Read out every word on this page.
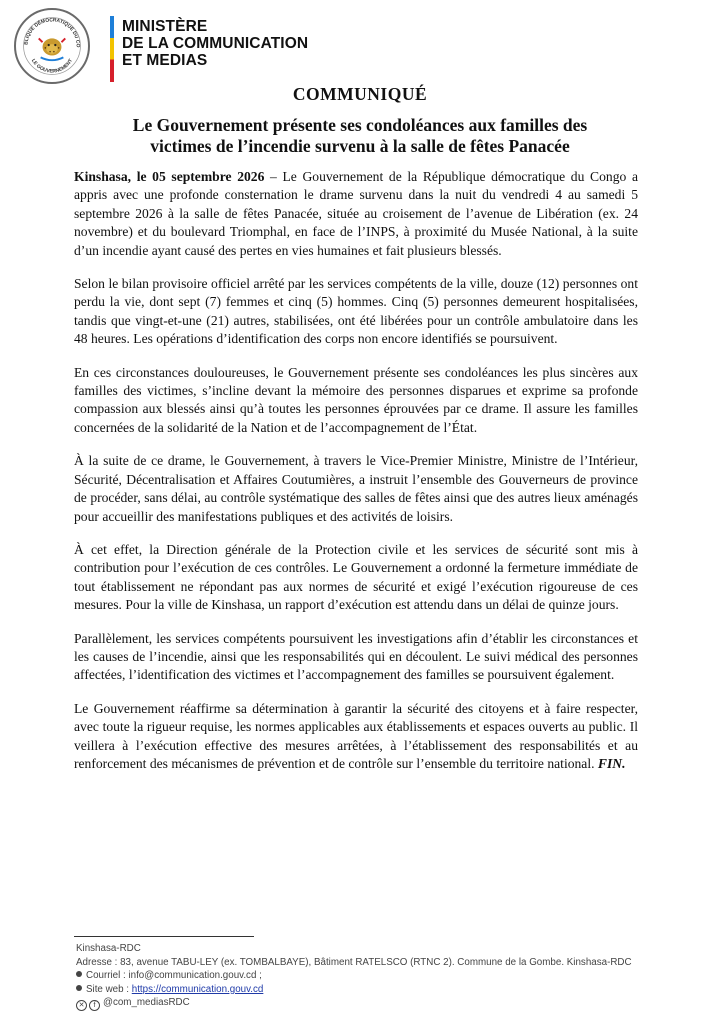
BLIQUE DÉMOCRATIQUE DU CO
LE GOUVERNEMENT
MINISTÈRE
DE LA COMMUNICATION
ET MEDIAS
COMMUNIQUÉ
Le Gouvernement présente ses condoléances aux familles des
victimes de l’incendie survenu à la salle de fêtes Panacée

Kinshasa, le 05 septembre 2026 – Le Gouvernement de la République démocratique du Congo a appris avec une profonde consternation le drame survenu dans la nuit du vendredi 4 au samedi 5 septembre 2026 à la salle de fêtes Panacée, située au croisement de l’avenue de Libération (ex. 24 novembre) et du boulevard Triomphal, en face de l’INPS, à proximité du Musée National, à la suite d’un incendie ayant causé des pertes en vies humaines et fait plusieurs blessés.

Selon le bilan provisoire officiel arrêté par les services compétents de la ville, douze (12) personnes ont perdu la vie, dont sept (7) femmes et cinq (5) hommes. Cinq (5) personnes demeurent hospitalisées, tandis que vingt-et-une (21) autres, stabilisées, ont été libérées pour un contrôle ambulatoire dans les 48 heures. Les opérations d’identification des corps non encore identifiés se poursuivent.

En ces circonstances douloureuses, le Gouvernement présente ses condoléances les plus sincères aux familles des victimes, s’incline devant la mémoire des personnes disparues et exprime sa profonde compassion aux blessés ainsi qu’à toutes les personnes éprouvées par ce drame. Il assure les familles concernées de la solidarité de la Nation et de l’accompagnement de l’État.

À la suite de ce drame, le Gouvernement, à travers le Vice-Premier Ministre, Ministre de l’Intérieur, Sécurité, Décentralisation et Affaires Coutumières, a instruit l’ensemble des Gouverneurs de province de procéder, sans délai, au contrôle systématique des salles de fêtes ainsi que des autres lieux aménagés pour accueillir des manifestations publiques et des activités de loisirs.

À cet effet, la Direction générale de la Protection civile et les services de sécurité sont mis à contribution pour l’exécution de ces contrôles. Le Gouvernement a ordonné la fermeture immédiate de tout établissement ne répondant pas aux normes de sécurité et exigé l’exécution rigoureuse de ces mesures. Pour la ville de Kinshasa, un rapport d’exécution est attendu dans un délai de quinze jours.

Parallèlement, les services compétents poursuivent les investigations afin d’établir les circonstances et les causes de l’incendie, ainsi que les responsabilités qui en découlent. Le suivi médical des personnes affectées, l’identification des victimes et l’accompagnement des familles se poursuivent également.

Le Gouvernement réaffirme sa détermination à garantir la sécurité des citoyens et à faire respecter, avec toute la rigueur requise, les normes applicables aux établissements et espaces ouverts au public. Il veillera à l’exécution effective des mesures arrêtées, à l’établissement des responsabilités et au renforcement des mécanismes de prévention et de contrôle sur l’ensemble du territoire national. FIN.

Kinshasa-RDC
Adresse : 83, avenue TABU-LEY (ex. TOMBALBAYE), Bâtiment RATELSCO (RTNC 2). Commune de la Gombe. Kinshasa-RDC
Courriel : info@communication.gouv.cd ;
Site web : https://communication.gouv.cd
✕	f @com_mediasRDC
